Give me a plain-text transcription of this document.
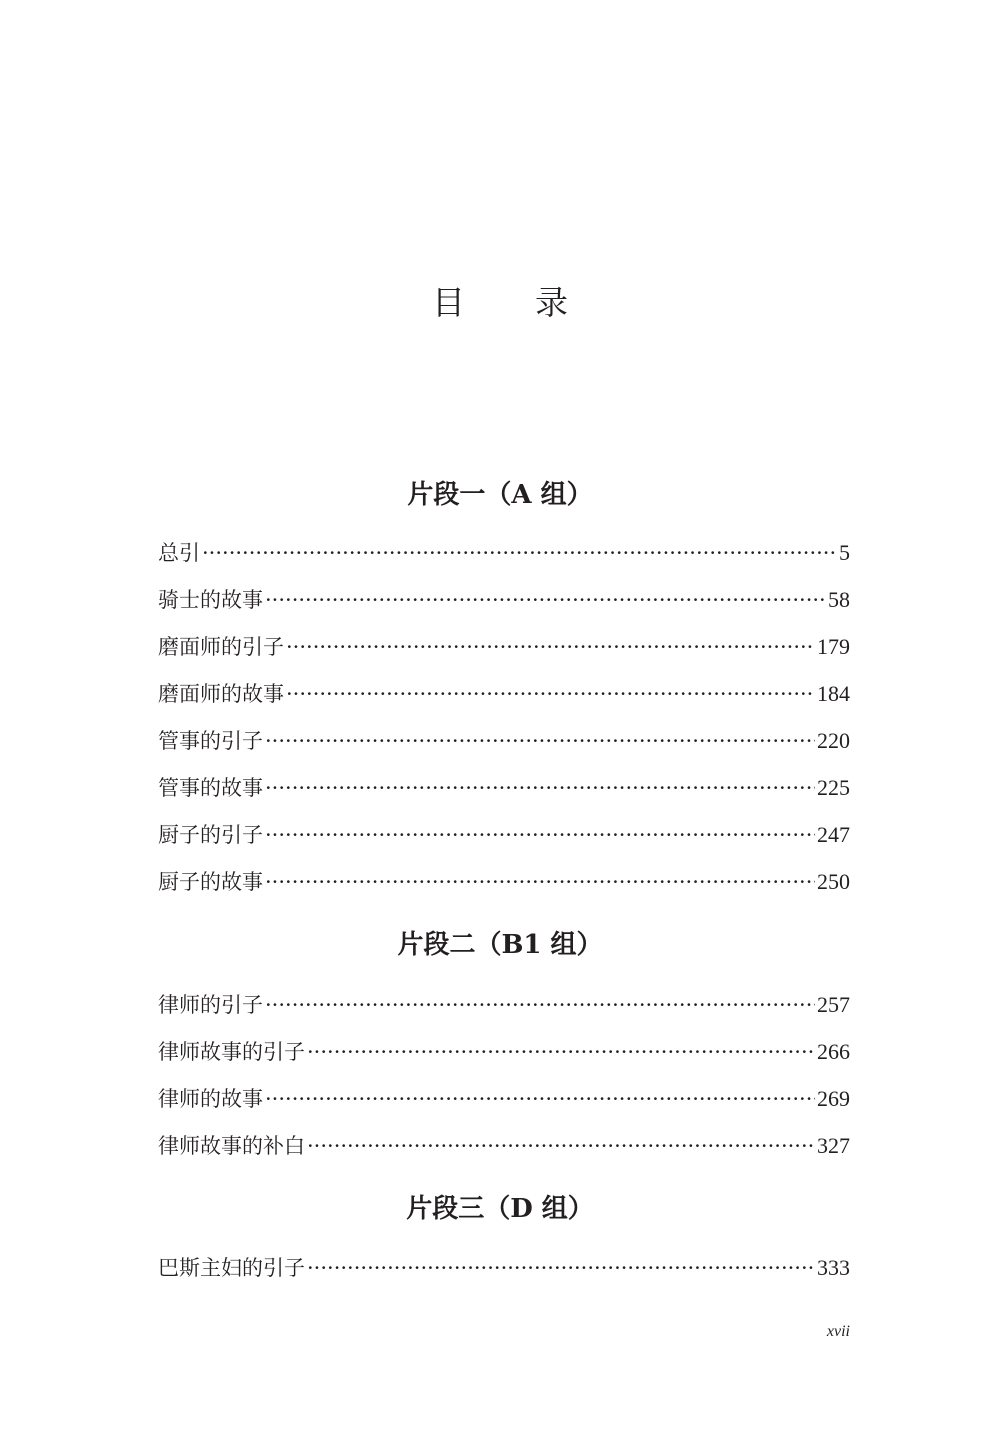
目 录
片段一（A 组）
总引 ·····	5
骑士的故事 ·····	58
磨面师的引子 ·····	179
磨面师的故事 ·····	184
管事的引子 ·····	220
管事的故事 ·····	225
厨子的引子 ·····	247
厨子的故事 ·····	250
片段二（B1 组）
律师的引子 ·····	257
律师故事的引子 ·····	266
律师的故事 ·····	269
律师故事的补白 ·····	327
片段三（D 组）
巴斯主妇的引子 ·····	333
xvii
